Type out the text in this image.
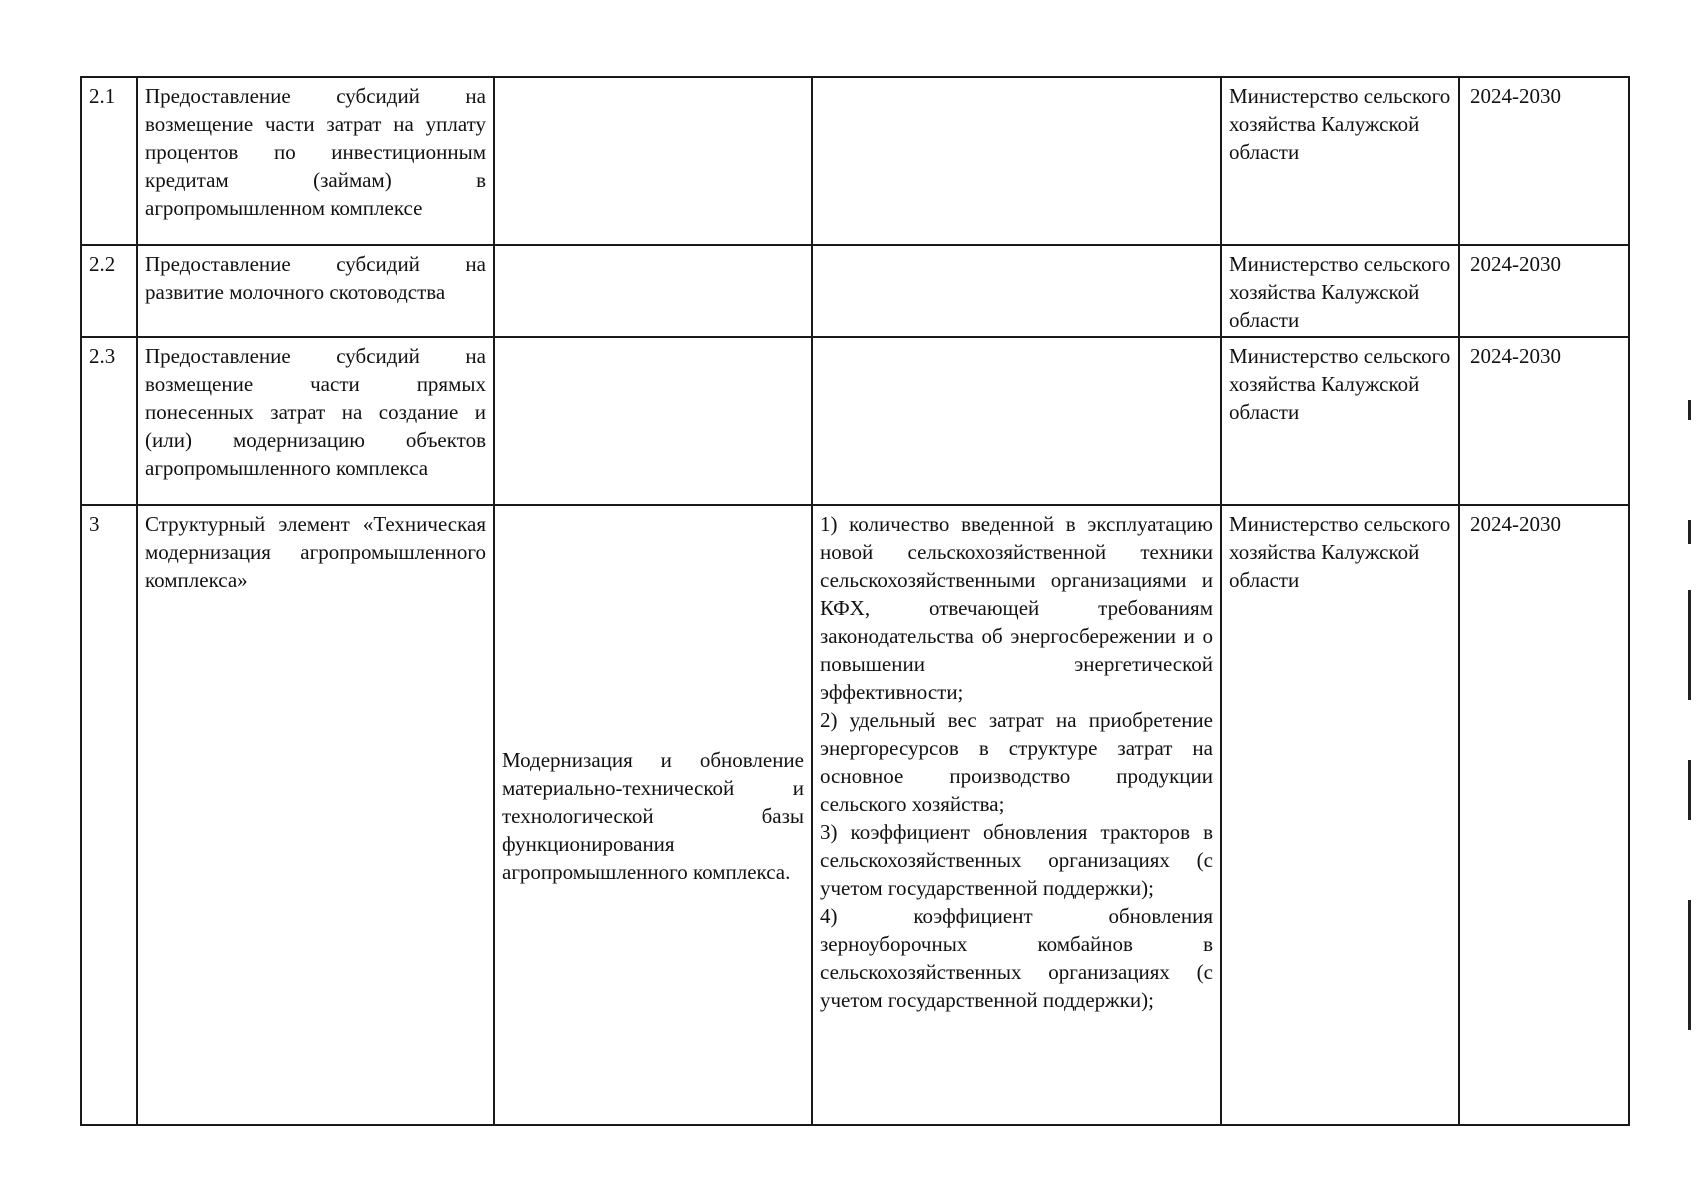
2.1	Предоставление субсидий на возмещение части затрат на уплату процентов по инвестиционным кредитам (займам) в агропромышленном комплексе			Министерство сельского хозяйства Калужской области	2024-2030
2.2	Предоставление субсидий на развитие молочного скотоводства			Министерство сельского хозяйства Калужской области	2024-2030
2.3	Предоставление субсидий на возмещение части прямых понесенных затрат на создание и (или) модернизацию объектов агропромышленного комплекса			Министерство сельского хозяйства Калужской области	2024-2030
3	Структурный элемент «Техническая модернизация агропромышленного комплекса»	Модернизация и обновление материально-технической и технологической базы функционирования агропромышленного комплекса.	1) количество введенной в эксплуатацию новой сельскохозяйственной техники сельскохозяйственными организациями и КФХ, отвечающей требованиям законодательства об энергосбережении и о повышении энергетической эффективности;
2) удельный вес затрат на приобретение энергоресурсов в структуре затрат на основное производство продукции сельского хозяйства;
3) коэффициент обновления тракторов в сельскохозяйственных организациях (с учетом государственной поддержки);
4) коэффициент обновления зерноуборочных комбайнов в сельскохозяйственных организациях (с учетом государственной поддержки);	Министерство сельского хозяйства Калужской области	2024-2030
